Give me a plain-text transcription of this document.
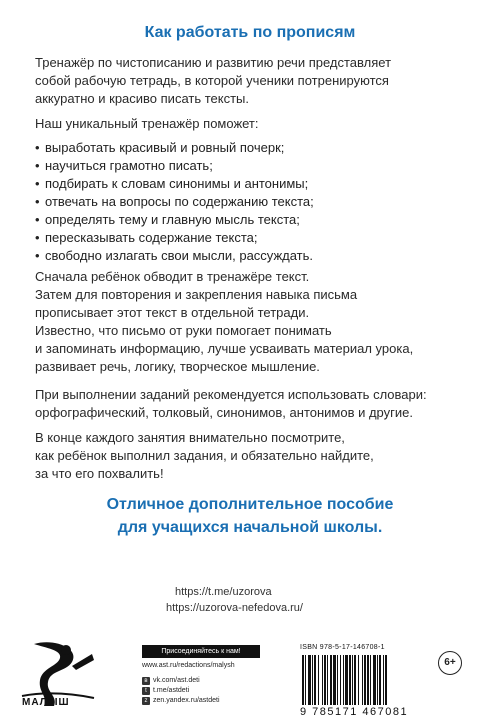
Как работать по прописям
Тренажёр по чистописанию и развитию речи представляет
собой рабочую тетрадь, в которой ученики потренируются
аккуратно и красиво писать тексты.
Наш уникальный тренажёр поможет:
• выработать красивый и ровный почерк;
• научиться грамотно писать;
• подбирать к словам синонимы и антонимы;
• отвечать на вопросы по содержанию текста;
• определять тему и главную мысль текста;
• пересказывать содержание текста;
• свободно излагать свои мысли, рассуждать.
Сначала ребёнок обводит в тренажёре текст.
Затем для повторения и закрепления навыка письма
прописывает этот текст в отдельной тетради.
Известно, что письмо от руки помогает понимать
и запоминать информацию, лучше усваивать материал урока,
развивает речь, логику, творческое мышление.
При выполнении заданий рекомендуется использовать словари:
орфографический, толковый, синонимов, антонимов и другие.
В конце каждого занятия внимательно посмотрите,
как ребёнок выполнил задания, и обязательно найдите,
за что его похвалить!
Отличное дополнительное пособие
для учащихся начальной школы.
https://t.me/uzorova
https://uzorova-nefedova.ru/
МАЛЫШ
Присоединяйтесь к нам!
www.ast.ru/redactions/malysh
в vk.com/ast.deti
t t.me/astdeti
z zen.yandex.ru/astdeti
ISBN 978-5-17-146708-1
9 785171 467081
6+
